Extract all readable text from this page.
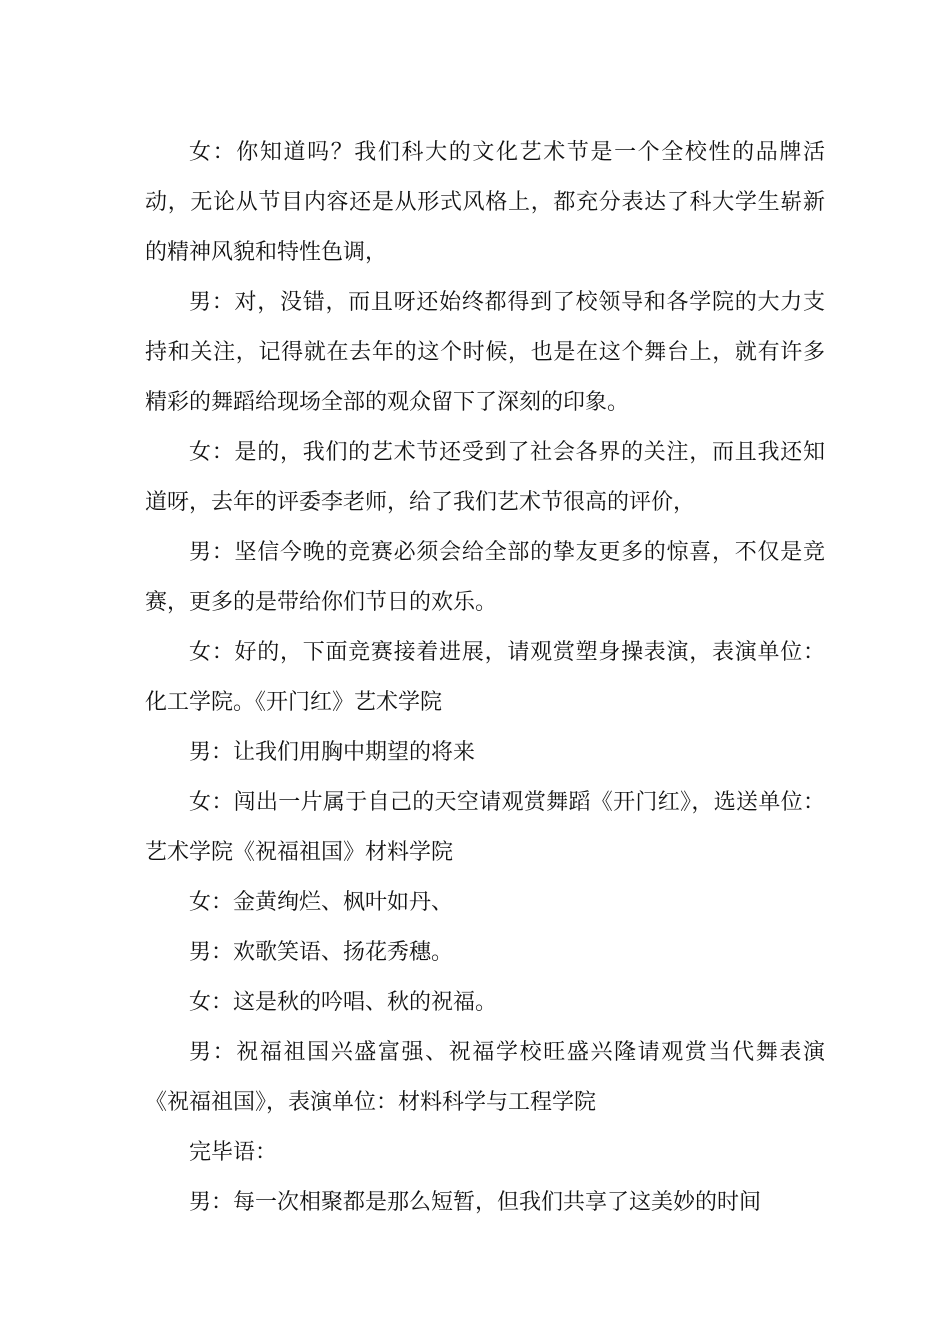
女：你知道吗？我们科大的文化艺术节是一个全校性的品牌活动，无论从节目内容还是从形式风格上，都充分表达了科大学生崭新的精神风貌和特性色调，

男：对，没错，而且呀还始终都得到了校领导和各学院的大力支持和关注，记得就在去年的这个时候，也是在这个舞台上，就有许多精彩的舞蹈给现场全部的观众留下了深刻的印象。

女：是的，我们的艺术节还受到了社会各界的关注，而且我还知道呀，去年的评委李老师，给了我们艺术节很高的评价，

男：坚信今晚的竞赛必须会给全部的挚友更多的惊喜，不仅是竞赛，更多的是带给你们节日的欢乐。

女：好的，下面竞赛接着进展，请观赏塑身操表演，表演单位：化工学院。《开门红》艺术学院

男：让我们用胸中期望的将来

女：闯出一片属于自己的天空请观赏舞蹈《开门红》，选送单位：艺术学院《祝福祖国》材料学院

女：金黄绚烂、枫叶如丹、

男：欢歌笑语、扬花秀穗。

女：这是秋的吟唱、秋的祝福。

男：祝福祖国兴盛富强、祝福学校旺盛兴隆请观赏当代舞表演《祝福祖国》，表演单位：材料科学与工程学院

完毕语：

男：每一次相聚都是那么短暂，但我们共享了这美妙的时间
